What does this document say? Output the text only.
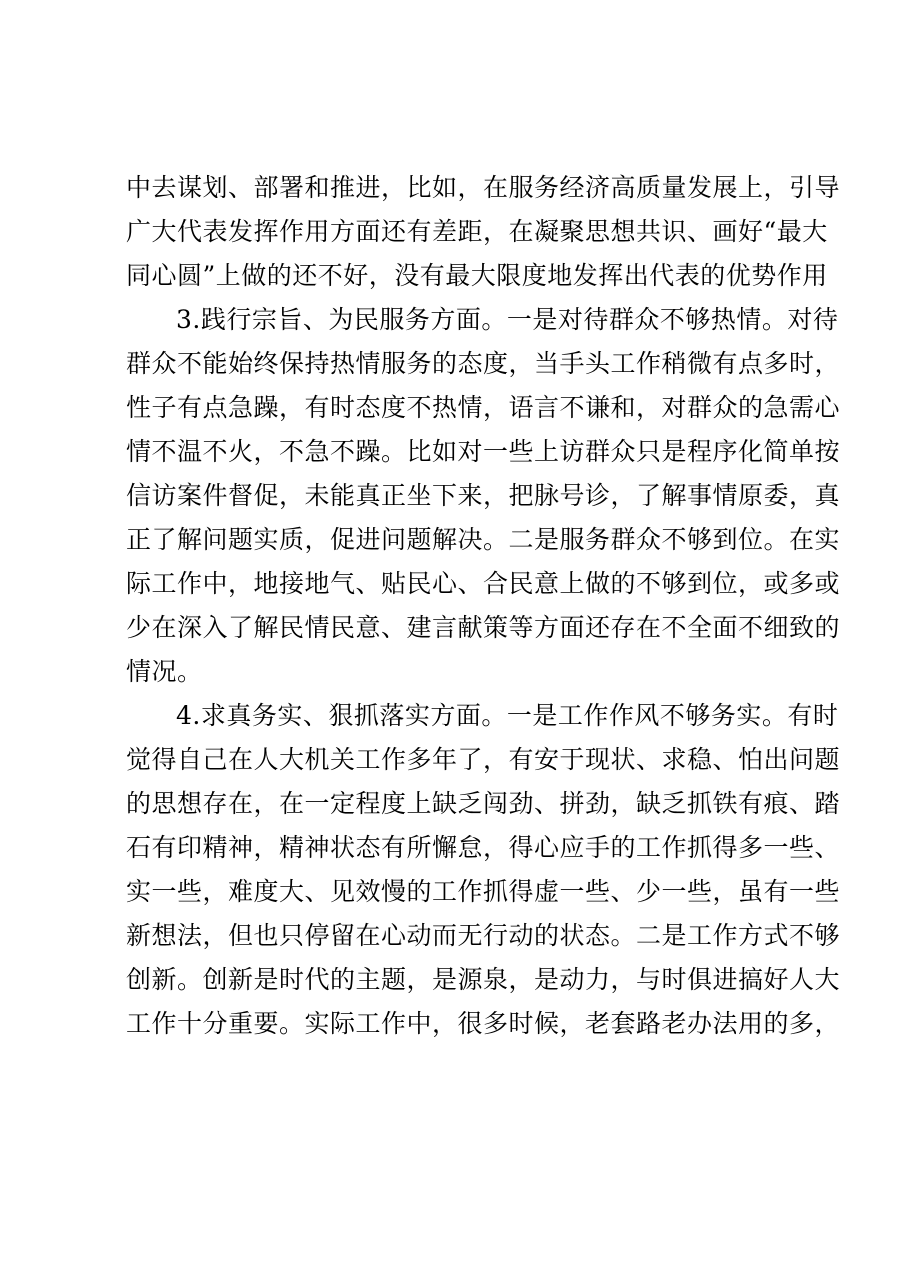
中去谋划、部署和推进，比如，在服务经济高质量发展上，引导
广大代表发挥作用方面还有差距，在凝聚思想共识、画好“最大
同心圆”上做的还不好，没有最大限度地发挥出代表的优势作用
3.践行宗旨、为民服务方面。一是对待群众不够热情。对待
群众不能始终保持热情服务的态度，当手头工作稍微有点多时，
性子有点急躁，有时态度不热情，语言不谦和，对群众的急需心
情不温不火，不急不躁。比如对一些上访群众只是程序化简单按
信访案件督促，未能真正坐下来，把脉号诊，了解事情原委，真
正了解问题实质，促进问题解决。二是服务群众不够到位。在实
际工作中，地接地气、贴民心、合民意上做的不够到位，或多或
少在深入了解民情民意、建言献策等方面还存在不全面不细致的
情况。
4.求真务实、狠抓落实方面。一是工作作风不够务实。有时
觉得自己在人大机关工作多年了，有安于现状、求稳、怕出问题
的思想存在，在一定程度上缺乏闯劲、拼劲，缺乏抓铁有痕、踏
石有印精神，精神状态有所懈怠，得心应手的工作抓得多一些、
实一些，难度大、见效慢的工作抓得虚一些、少一些，虽有一些
新想法，但也只停留在心动而无行动的状态。二是工作方式不够
创新。创新是时代的主题，是源泉，是动力，与时俱进搞好人大
工作十分重要。实际工作中，很多时候，老套路老办法用的多，
